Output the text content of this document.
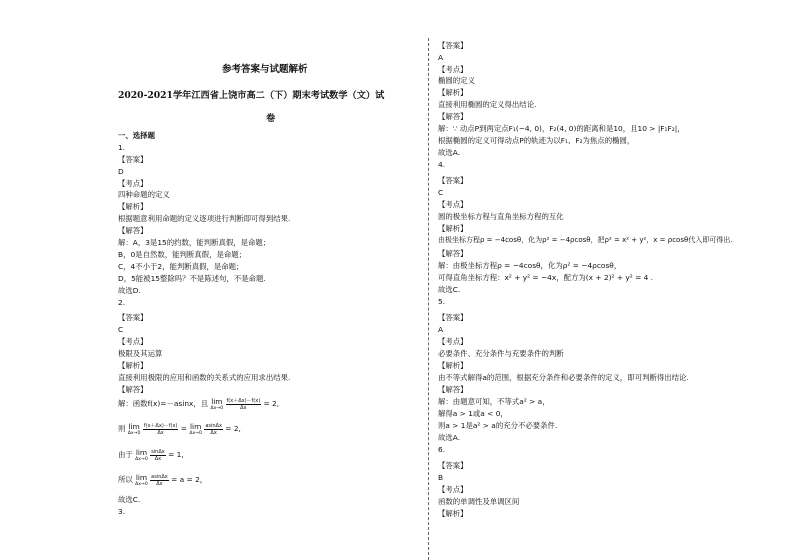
参考答案与试题解析
2020-2021学年江西省上饶市高二（下）期末考试数学（文）试
卷
一、选择题
1.
【答案】
D
【考点】
四种命题的定义
【解析】
根据题意利用命题的定义逐项进行判断即可得到结果.
【解答】
解：A，3是15的约数，能判断真假，是命题；
B，0是自然数，能判断真假，是命题；
C，4不小于2，能判断真假，是命题；
D，5能被15整除吗？不是陈述句，不是命题.
故选D.
2.
【答案】
C
【考点】
极限及其运算
【解析】
直接利用极限的应用和函数的关系式的应用求出结果.
【解答】
解：函数f(x)=－asinx，且 lim
Δx→0
$\frac{f(x+\Delta x)-f(x)}{\Delta x} = 2$,
则 lim
Δx→0
$\frac{f(x+\Delta x)-f(x)}{\Delta x} = \lim$
Δx→0
$\frac{asin\Delta x}{\Delta x} = 2$,
由于 lim
Δx→0
$\frac{\sin\Delta x}{\Delta x} = 1$,
所以 lim
Δx→0
$\frac{asin\Delta x}{\Delta x} = a = 2$，
故选C.
3.
【答案】
A
【考点】
椭圆的定义
【解析】
直接利用椭圆的定义得出结论.
【解答】
解：∵ 动点P到两定点F₁(−4, 0)，F₂(4, 0)的距离和是10，且10 > |F₁F₂|，
根据椭圆的定义可得动点P的轨迹为以F₁、F₂为焦点的椭圆，
故选A.
4.
【答案】
C
【考点】
圆的极坐标方程与直角坐标方程的互化
【解析】
由极坐标方程ρ = −4cosθ，化为ρ² = −4ρcosθ，把ρ² = x² + y²，x = ρcosθ代入即可得出.
【解答】
解：由极坐标方程ρ = −4cosθ，化为ρ² = −4ρcosθ，
可得直角坐标方程：x² + y² = −4x，配方为(x + 2)² + y² = 4 .
故选C.
5.
【答案】
A
【考点】
必要条件、充分条件与充要条件的判断
【解析】
由不等式解得a的范围，根据充分条件和必要条件的定义，即可判断得出结论.
【解答】
解：由题意可知，不等式a² > a，
解得a > 1或a < 0，
则a > 1是a² > a的充分不必要条件.
故选A.
6.
【答案】
B
【考点】
函数的单调性及单调区间
【解析】
